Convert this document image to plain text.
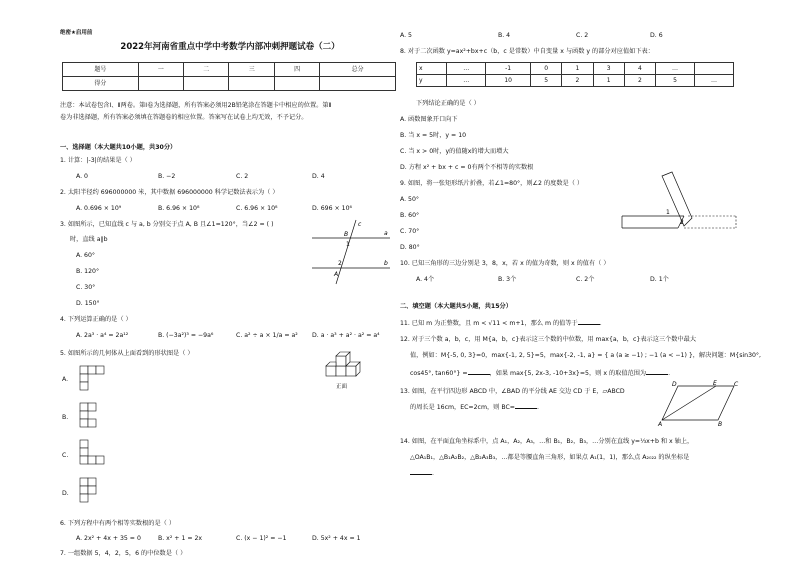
绝密★启用前
2022年河南省重点中学中考数学内部冲刺押题试卷（二）
题号	一	二	三	四	总分
得分					
注意：本试卷包含Ⅰ、Ⅱ两卷。第Ⅰ卷为选择题，所有答案必须用2B铅笔涂在答题卡中相应的位置。第Ⅱ
卷为非选择题，所有答案必须填在答题卷的相应位置。答案写在试卷上均无效，不予记分。
一、选择题（本大题共10小题，共30分）
1. 计算：|-3|的结果是（ ）
A. 0	B. −2	C. 2	D. 4
2. 太阳半径约 696000000 米，其中数据 696000000 科学记数法表示为（ ）
A. 0.696 × 10⁹	B. 6.96 × 10⁸	C. 6.96 × 10⁸	D. 696 × 10⁶
3. 如图所示，已知直线 c 与 a, b 分别交于点 A, B 且∠1=120°，当∠2 = ( )
时，直线 a∥b
A. 60°
B. 120°
C. 30°
D. 150°
c
a
b
B
A
1
2
4. 下列运算正确的是（ ）
A. 2a³ · a⁴ = 2a¹²	B. (−3a²)³ = −9a⁶	C. a² ÷ a × 1/a = a² D. a · a³ + a² · a² = a⁴
5. 如图所示的几何体从上面看到的形状图是（ ）
正面
A.
B.
C.
D.
6. 下列方程中有两个相等实数根的是（ ）
A. 2x² + 4x + 35 = 0	B. x² + 1 = 2x	C. (x − 1)² = −1	D. 5x² + 4x = 1
7. 一组数据 5，4，2，5，6 的中位数是（ ）
A. 5	B. 4	C. 2	D. 6
8. 对于二次函数 y=ax²+bx+c（b，c 是常数）中自变量 x 与函数 y 的部分对应值如下表：
x	…	-1	0	1	3	4	…	
y	…	10	5	2	1	2	5	…
下列结论正确的是（ ）
A. 函数图象开口向下
B. 当 x = 5时，y = 10
C. 当 x > 0时，y的值随x的增大而增大
D. 方程 x² + bx + c = 0有两个不相等的实数根
9. 如图，将一张矩形纸片折叠，若∠1=80°，则∠2 的度数是（ ）
A. 50°
B. 60°
C. 70°
D. 80°
1
2
10. 已知三角形的三边分别是 3，8，x，若 x 的值为奇数，则 x 的值有（ ）
A. 4个	B. 3个	C. 2个	D. 1个
二、填空题（本大题共5小题，共15分）
11. 已知 m 为正整数，且 m < √11 < m+1，那么 m 的值等于	.
12. 对于三个数 a，b，c，用 M{a，b，c}表示这三个数的中位数，用 max{a，b，c}表示这三个数中最大
值，例如：M{-5, 0, 3}=0，max{-1, 2, 5}=5，max{-2, -1, a} = { a (a ≥ −1) ; −1 (a < −1) }，解决问题：M{sin30°,
cos45°, tan60°} =	，如果 max{5, 2x-3, -10+3x}=5，则 x 的取值范围为	.
13. 如图，在平行四边形 ABCD 中，∠BAD 的平分线 AE 交边 CD 于 E，▱ABCD
的周长是 16cm，EC=2cm，则 BC=	.
A	B
C
D	E
14. 如图，在平面直角坐标系中，点 A₁，A₂，A₃，…和 B₁，B₂，B₃，…分别在直线 y=⅓x+b 和 x 轴上，
△OA₁B₁，△B₁A₂B₂，△B₂A₃B₃，…都是等腰直角三角形，如果点 A₁(1，1)，那么点 A₂₀₂₂ 的纵坐标是
.
